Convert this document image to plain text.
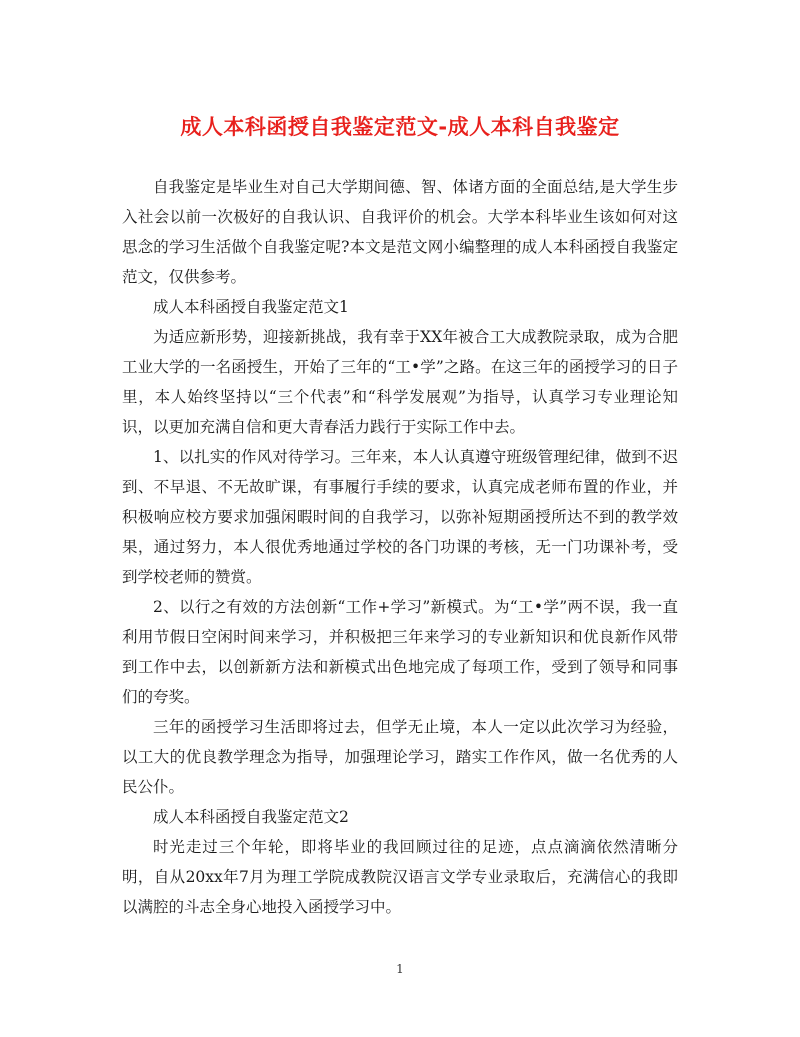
成人本科函授自我鉴定范文-成人本科自我鉴定

自我鉴定是毕业生对自己大学期间德、智、体诸方面的全面总结,是大学生步入社会以前一次极好的自我认识、自我评价的机会。大学本科毕业生该如何对这思念的学习生活做个自我鉴定呢?本文是范文网小编整理的成人本科函授自我鉴定范文，仅供参考。

成人本科函授自我鉴定范文1

为适应新形势，迎接新挑战，我有幸于XX年被合工大成教院录取，成为合肥工业大学的一名函授生，开始了三年的“工•学”之路。在这三年的函授学习的日子里，本人始终坚持以“三个代表”和“科学发展观”为指导，认真学习专业理论知识，以更加充满自信和更大青春活力践行于实际工作中去。

1、以扎实的作风对待学习。三年来，本人认真遵守班级管理纪律，做到不迟到、不早退、不无故旷课，有事履行手续的要求，认真完成老师布置的作业，并积极响应校方要求加强闲暇时间的自我学习，以弥补短期函授所达不到的教学效果，通过努力，本人很优秀地通过学校的各门功课的考核，无一门功课补考，受到学校老师的赞赏。

2、以行之有效的方法创新“工作+学习”新模式。为“工•学”两不误，我一直利用节假日空闲时间来学习，并积极把三年来学习的专业新知识和优良新作风带到工作中去，以创新新方法和新模式出色地完成了每项工作，受到了领导和同事们的夸奖。

三年的函授学习生活即将过去，但学无止境，本人一定以此次学习为经验，以工大的优良教学理念为指导，加强理论学习，踏实工作作风，做一名优秀的人民公仆。

成人本科函授自我鉴定范文2

时光走过三个年轮，即将毕业的我回顾过往的足迹，点点滴滴依然清晰分明，自从20xx年7月为理工学院成教院汉语言文学专业录取后，充满信心的我即以满腔的斗志全身心地投入函授学习中。

1
